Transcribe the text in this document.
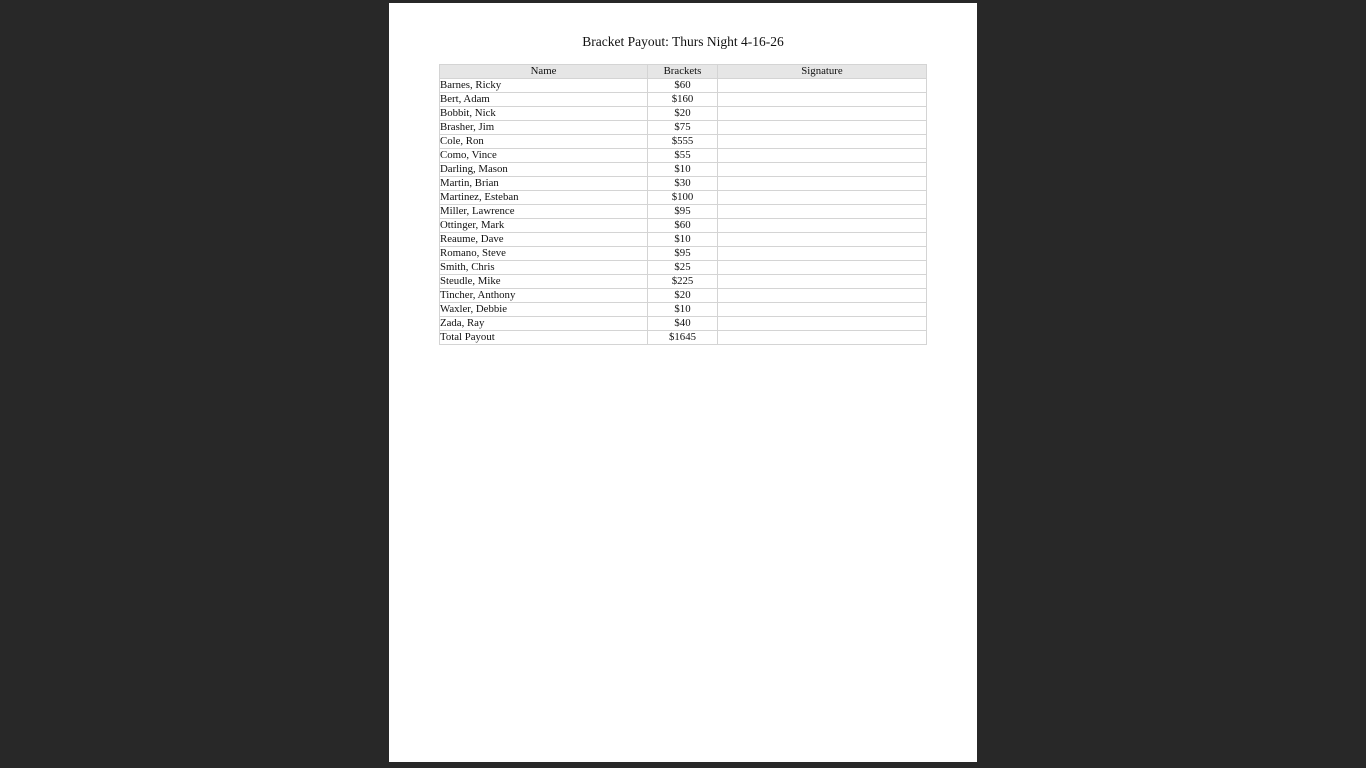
Bracket Payout: Thurs Night 4-16-26
Name	Brackets	Signature
Barnes, Ricky	$60	
Bert, Adam	$160	
Bobbit, Nick	$20	
Brasher, Jim	$75	
Cole, Ron	$555	
Como, Vince	$55	
Darling, Mason	$10	
Martin, Brian	$30	
Martinez, Esteban	$100	
Miller, Lawrence	$95	
Ottinger, Mark	$60	
Reaume, Dave	$10	
Romano, Steve	$95	
Smith, Chris	$25	
Steudle, Mike	$225	
Tincher, Anthony	$20	
Waxler, Debbie	$10	
Zada, Ray	$40	
Total Payout	$1645	
